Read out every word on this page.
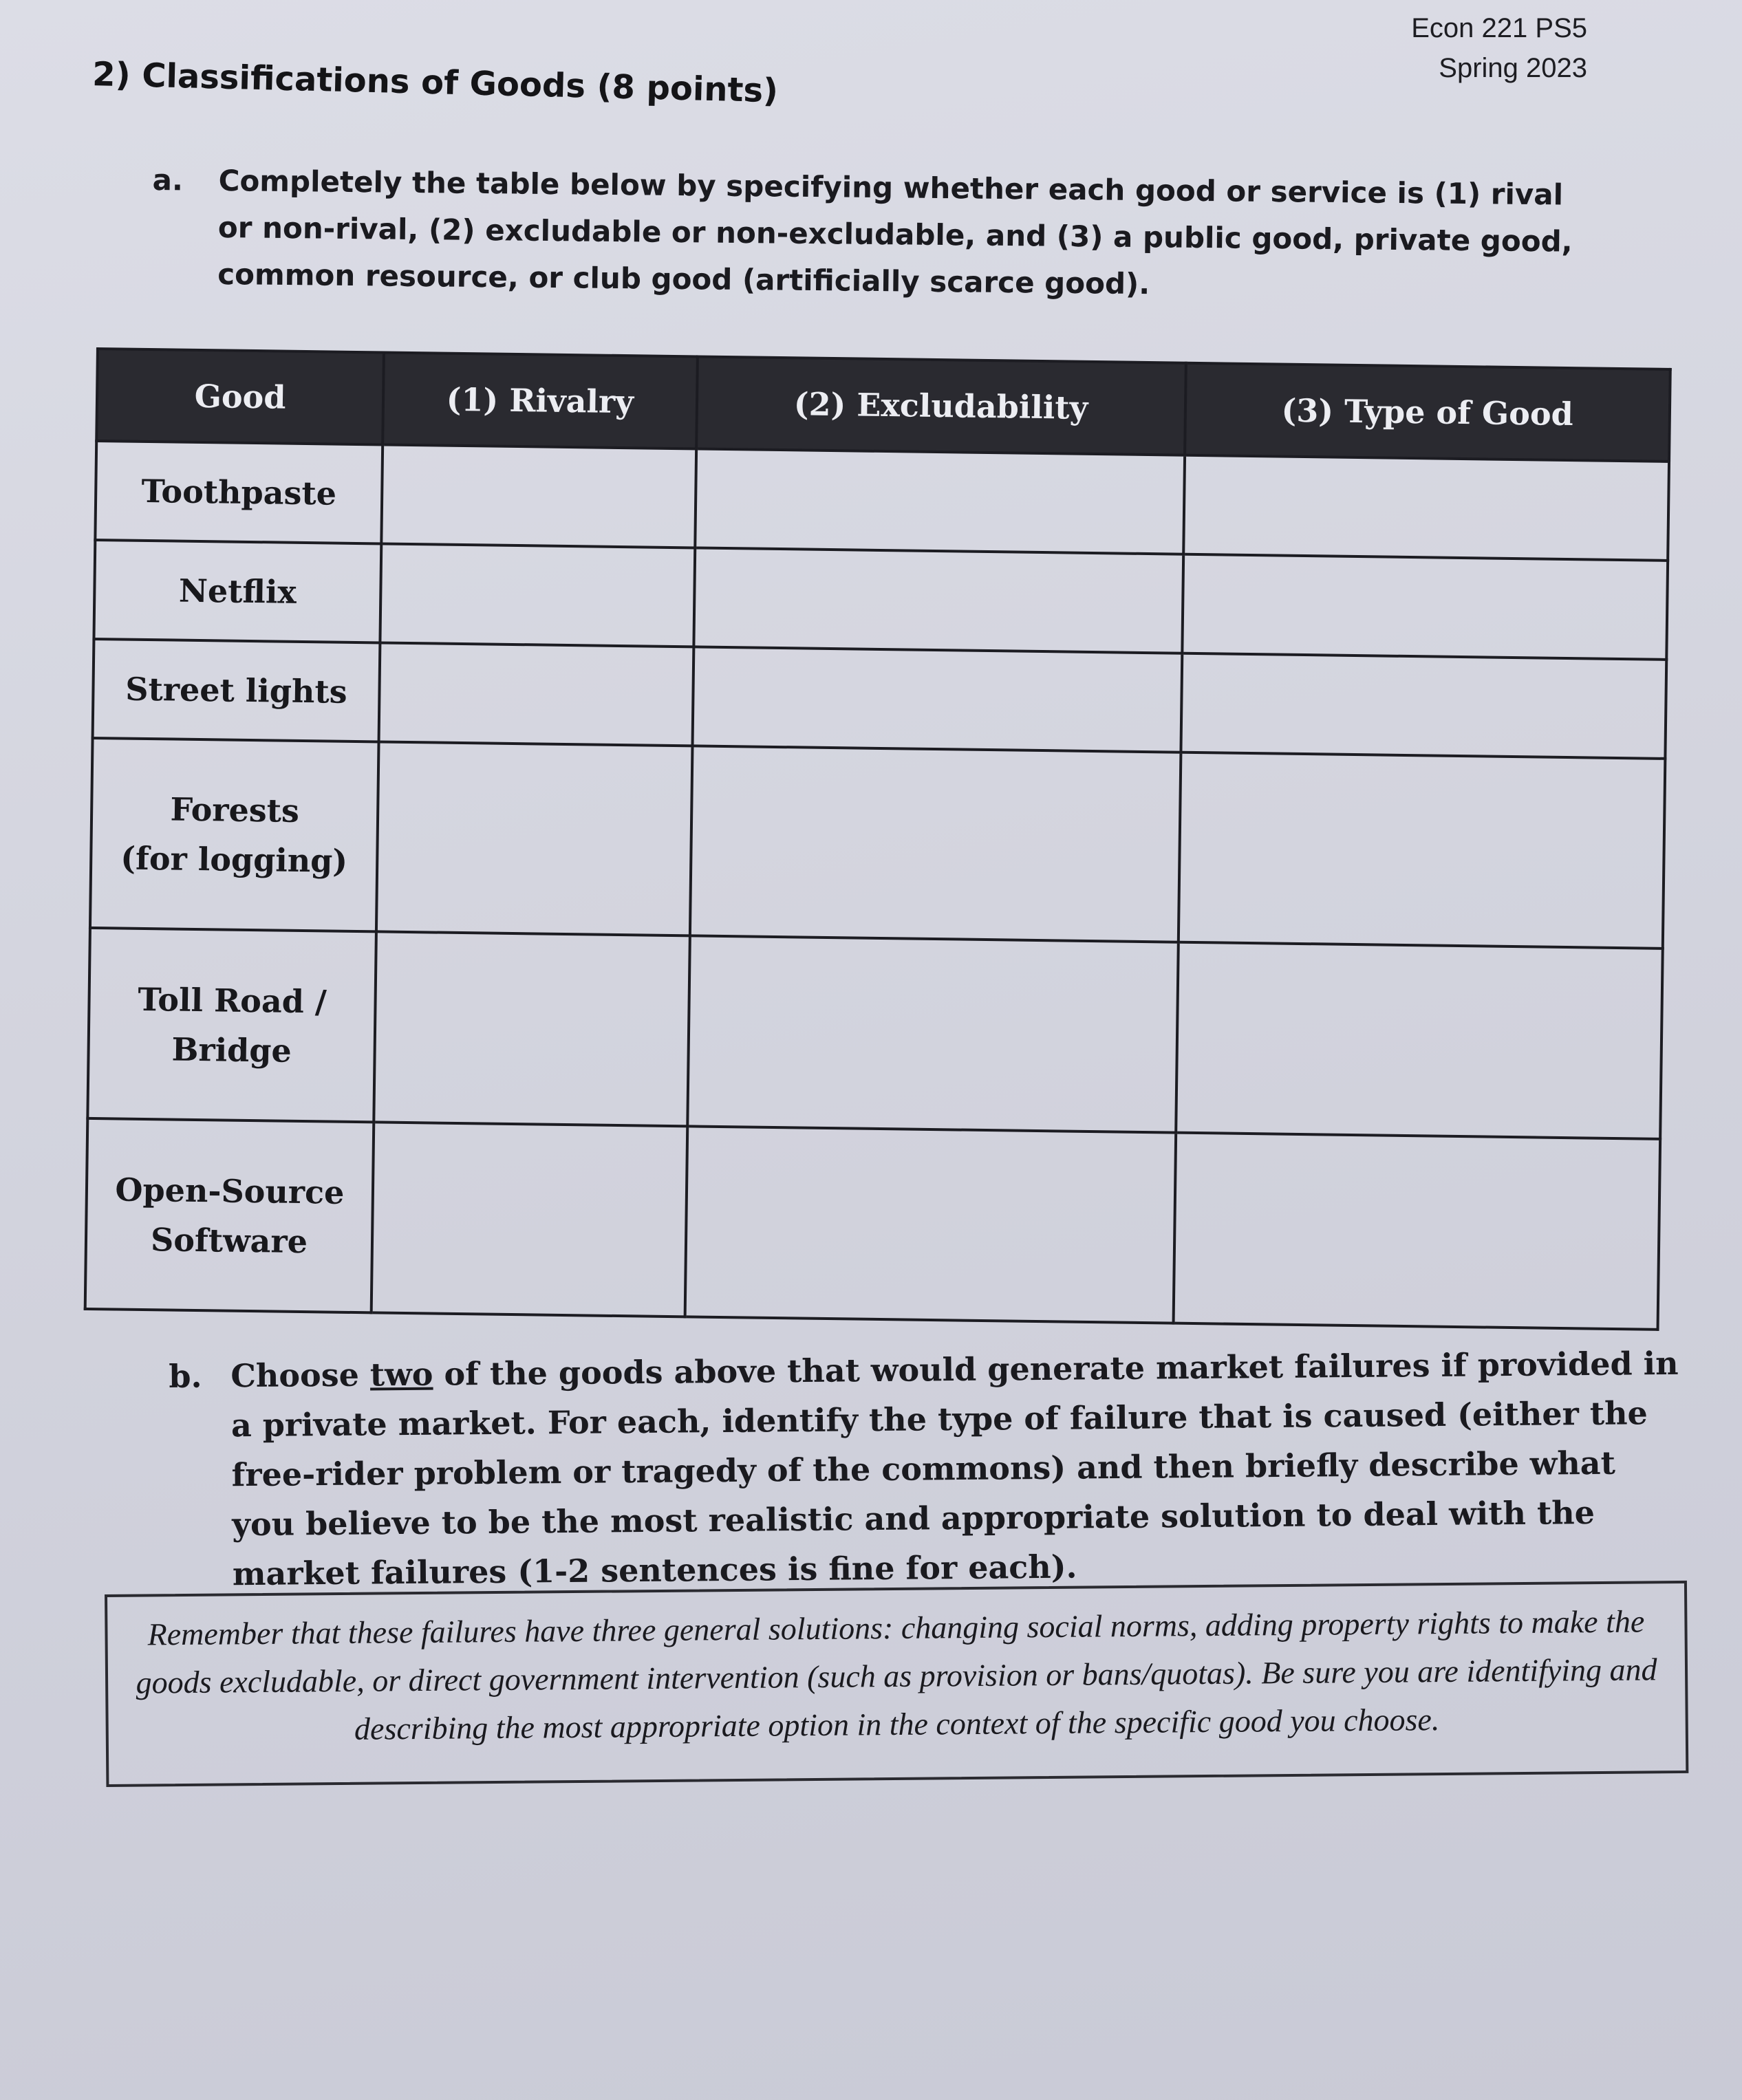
Econ 221 PS5
Spring 2023
2) Classifications of Goods (8 points)
a.	Completely the table below by specifying whether each good or service is (1) rival or non-rival, (2) excludable or non-excludable, and (3) a public good, private good, common resource, or club good (artificially scarce good).
Good	(1) Rivalry	(2) Excludability	(3) Type of Good

Toothpaste			

Netflix			

Street lights			

Forests
(for logging)			

Toll Road /
Bridge			

Open-Source
Software			

b. Choose two of the goods above that would generate market failures if provided in a private market. For each, identify the type of failure that is caused (either the free-rider problem or tragedy of the commons) and then briefly describe what you believe to be the most realistic and appropriate solution to deal with the market failures (1-2 sentences is fine for each).
Remember that these failures have three general solutions: changing social norms, adding property rights to make the goods excludable, or direct government intervention (such as provision or bans/quotas). Be sure you are identifying and describing the most appropriate option in the context of the specific good you choose.
